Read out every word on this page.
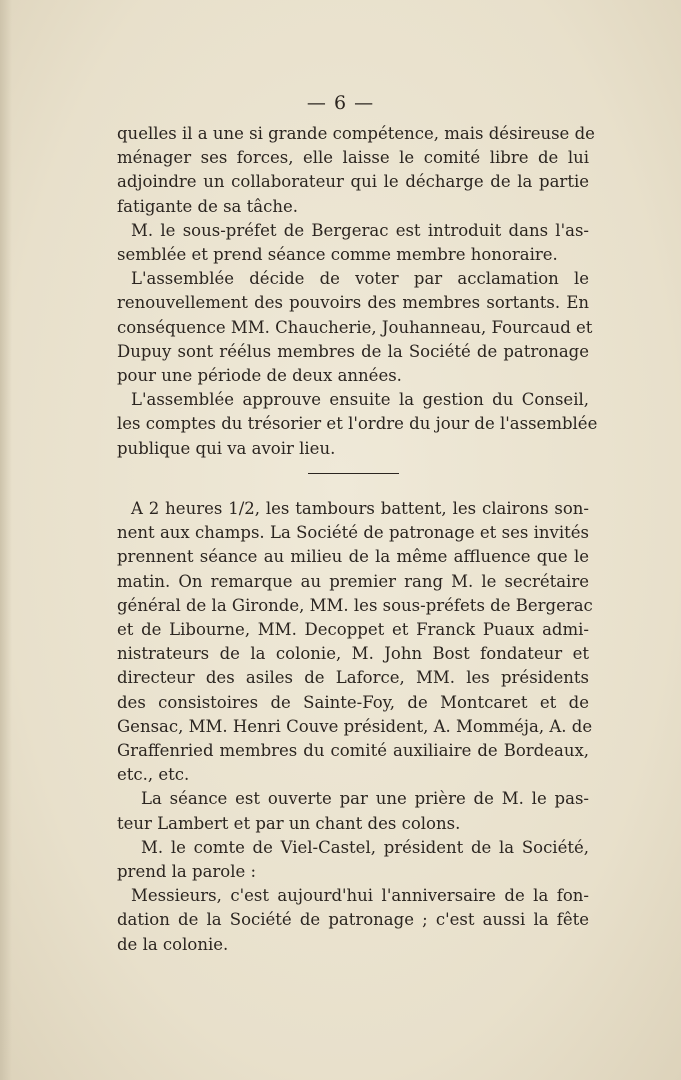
— 6 —

quelles il a une si grande compétence, mais désireuse de
ménager ses forces, elle laisse le comité libre de lui
adjoindre un collaborateur qui le décharge de la partie
fatigante de sa tâche.

M. le sous-préfet de Bergerac est introduit dans l'as-
semblée et prend séance comme membre honoraire.

L'assemblée décide de voter par acclamation le
renouvellement des pouvoirs des membres sortants. En
conséquence MM. Chaucherie, Jouhanneau, Fourcaud et
Dupuy sont réélus membres de la Société de patronage
pour une période de deux années.

L'assemblée approuve ensuite la gestion du Conseil,
les comptes du trésorier et l'ordre du jour de l'assemblée
publique qui va avoir lieu.

A 2 heures 1/2, les tambours battent, les clairons son-
nent aux champs. La Société de patronage et ses invités
prennent séance au milieu de la même affluence que le
matin. On remarque au premier rang M. le secrétaire
général de la Gironde, MM. les sous-préfets de Bergerac
et de Libourne, MM. Decoppet et Franck Puaux admi-
nistrateurs de la colonie, M. John Bost fondateur et
directeur des asiles de Laforce, MM. les présidents
des consistoires de Sainte-Foy, de Montcaret et de
Gensac, MM. Henri Couve président, A. Momméja, A. de
Graffenried membres du comité auxiliaire de Bordeaux,
etc., etc.

La séance est ouverte par une prière de M. le pas-
teur Lambert et par un chant des colons.

M. le comte de Viel-Castel, président de la Société,
prend la parole :

Messieurs, c'est aujourd'hui l'anniversaire de la fon-
dation de la Société de patronage ; c'est aussi la fête
de la colonie.
